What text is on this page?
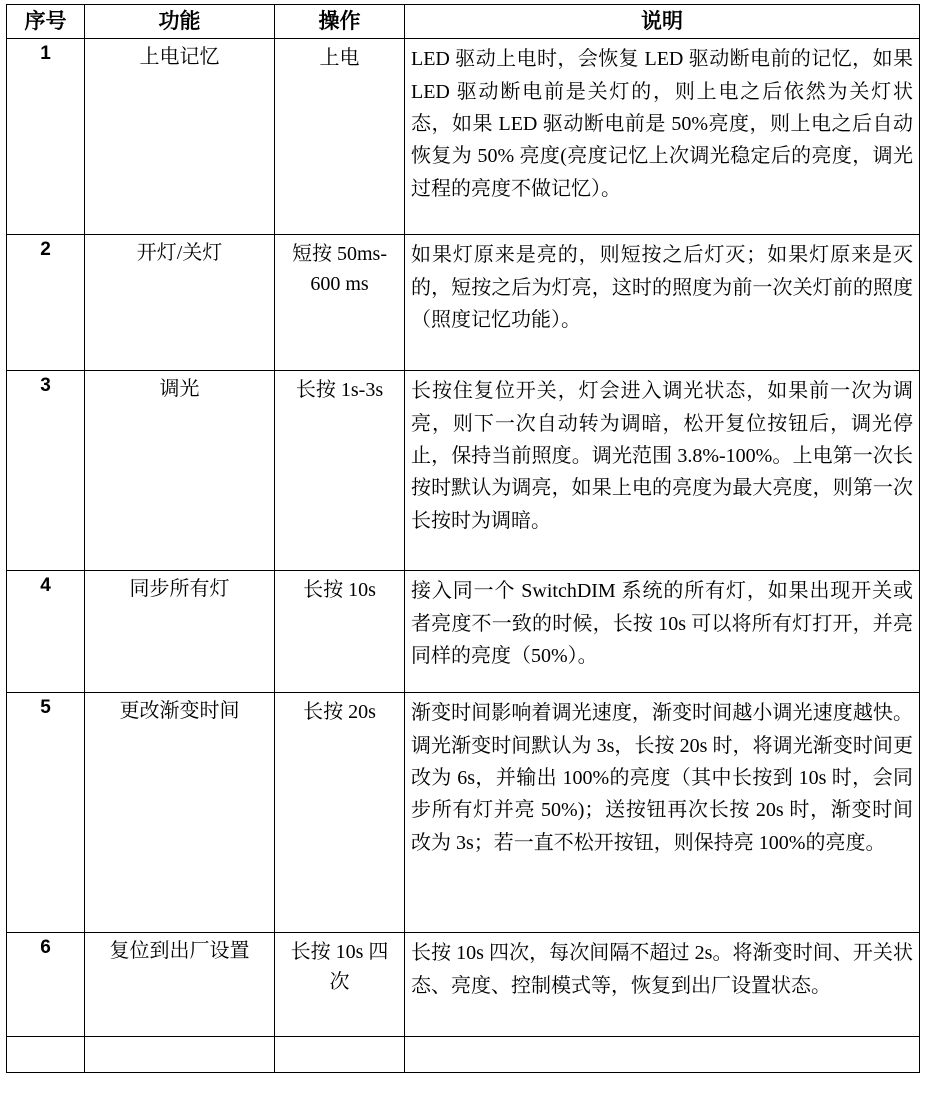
序号	功能	操作	说明
1	上电记忆	上电	LED 驱动上电时，会恢复 LED 驱动断电前的记忆，如果 LED 驱动断电前是关灯的，则上电之后依然为关灯状态，如果 LED 驱动断电前是 50%亮度，则上电之后自动恢复为 50% 亮度(亮度记忆上次调光稳定后的亮度，调光过程的亮度不做记忆）。
2	开灯/关灯	短按 50ms-600 ms	如果灯原来是亮的，则短按之后灯灭；如果灯原来是灭的，短按之后为灯亮，这时的照度为前一次关灯前的照度（照度记忆功能）。
3	调光	长按 1s-3s	长按住复位开关，灯会进入调光状态，如果前一次为调亮，则下一次自动转为调暗，松开复位按钮后，调光停止，保持当前照度。调光范围 3.8%-100%。上电第一次长按时默认为调亮，如果上电的亮度为最大亮度，则第一次长按时为调暗。
4	同步所有灯	长按 10s	接入同一个 SwitchDIM 系统的所有灯，如果出现开关或者亮度不一致的时候，长按 10s 可以将所有灯打开，并亮同样的亮度（50%）。
5	更改渐变时间	长按 20s	渐变时间影响着调光速度，渐变时间越小调光速度越快。调光渐变时间默认为 3s，长按 20s 时，将调光渐变时间更改为 6s，并输出 100%的亮度（其中长按到 10s 时，会同步所有灯并亮 50%)；送按钮再次长按 20s 时，渐变时间改为 3s；若一直不松开按钮，则保持亮 100%的亮度。
6	复位到出厂设置	长按 10s 四次	长按 10s 四次，每次间隔不超过 2s。将渐变时间、开关状态、亮度、控制模式等，恢复到出厂设置状态。
